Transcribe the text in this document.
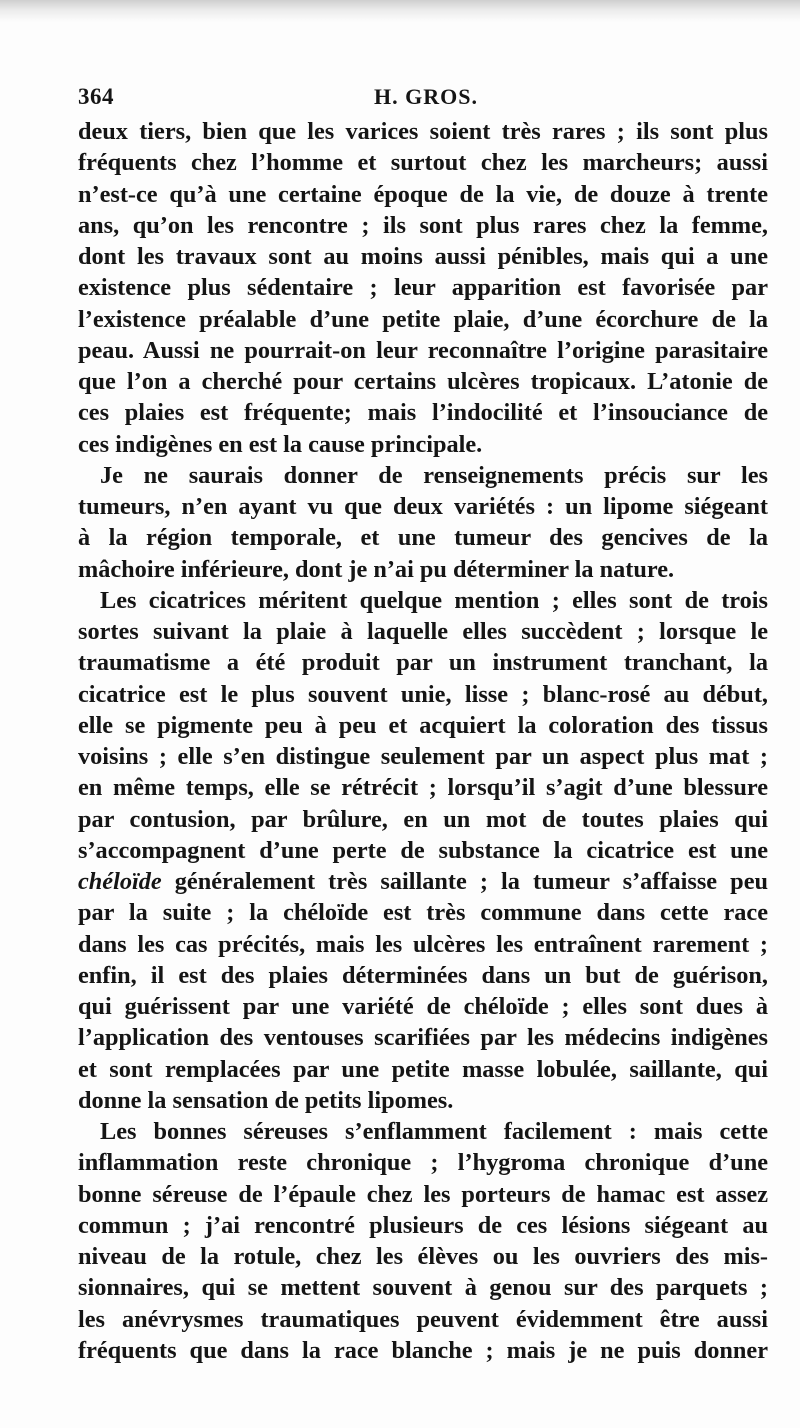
364	H. GROS.
deux tiers, bien que les varices soient très rares ; ils sont plus
fréquents chez l’homme et surtout chez les marcheurs; aussi
n’est-ce qu’à une certaine époque de la vie, de douze à trente
ans, qu’on les rencontre ; ils sont plus rares chez la femme,
dont les travaux sont au moins aussi pénibles, mais qui a une
existence plus sédentaire ; leur apparition est favorisée par
l’existence préalable d’une petite plaie, d’une écorchure de la
peau. Aussi ne pourrait-on leur reconnaître l’origine parasitaire
que l’on a cherché pour certains ulcères tropicaux. L’atonie de
ces plaies est fréquente; mais l’indocilité et l’insouciance de
ces indigènes en est la cause principale.
Je ne saurais donner de renseignements précis sur les
tumeurs, n’en ayant vu que deux variétés : un lipome siégeant
à la région temporale, et une tumeur des gencives de la
mâchoire inférieure, dont je n’ai pu déterminer la nature.
Les cicatrices méritent quelque mention ; elles sont de trois
sortes suivant la plaie à laquelle elles succèdent ; lorsque le
traumatisme a été produit par un instrument tranchant, la
cicatrice est le plus souvent unie, lisse ; blanc-rosé au début,
elle se pigmente peu à peu et acquiert la coloration des tissus
voisins ; elle s’en distingue seulement par un aspect plus mat ;
en même temps, elle se rétrécit ; lorsqu’il s’agit d’une blessure
par contusion, par brûlure, en un mot de toutes plaies qui
s’accompagnent d’une perte de substance la cicatrice est une
chéloïde généralement très saillante ; la tumeur s’affaisse peu
par la suite ; la chéloïde est très commune dans cette race
dans les cas précités, mais les ulcères les entraînent rarement ;
enfin, il est des plaies déterminées dans un but de guérison,
qui guérissent par une variété de chéloïde ; elles sont dues à
l’application des ventouses scarifiées par les médecins indigènes
et sont remplacées par une petite masse lobulée, saillante, qui
donne la sensation de petits lipomes.
Les bonnes séreuses s’enflamment facilement : mais cette
inflammation reste chronique ; l’hygroma chronique d’une
bonne séreuse de l’épaule chez les porteurs de hamac est assez
commun ; j’ai rencontré plusieurs de ces lésions siégeant au
niveau de la rotule, chez les élèves ou les ouvriers des mis-
sionnaires, qui se mettent souvent à genou sur des parquets ;
les anévrysmes traumatiques peuvent évidemment être aussi
fréquents que dans la race blanche ; mais je ne puis donner
